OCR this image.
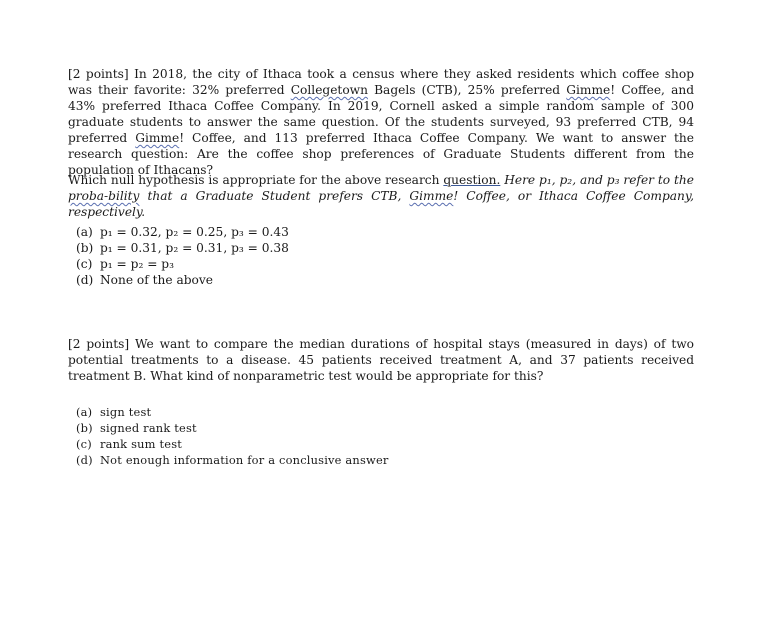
[2 points] In 2018, the city of Ithaca took a census where they asked residents which coffee shop was their favorite: 32% preferred Collegetown Bagels (CTB), 25% preferred Gimme! Coffee, and 43% preferred Ithaca Coffee Company. In 2019, Cornell asked a simple random sample of 300 graduate students to answer the same question. Of the students surveyed, 93 preferred CTB, 94 preferred Gimme! Coffee, and 113 preferred Ithaca Coffee Company. We want to answer the research question: Are the coffee shop preferences of Graduate Students different from the population of Ithacans?

Which null hypothesis is appropriate for the above research question. Here p₁, p₂, and p₃ refer to the proba-bility that a Graduate Student prefers CTB, Gimme! Coffee, or Ithaca Coffee Company, respectively.

(a) p₁ = 0.32, p₂ = 0.25, p₃ = 0.43
(b) p₁ = 0.31, p₂ = 0.31, p₃ = 0.38
(c) p₁ = p₂ = p₃
(d) None of the above

[2 points] We want to compare the median durations of hospital stays (measured in days) of two potential treatments to a disease. 45 patients received treatment A, and 37 patients received treatment B. What kind of nonparametric test would be appropriate for this?

(a) sign test
(b) signed rank test
(c) rank sum test
(d) Not enough information for a conclusive answer
